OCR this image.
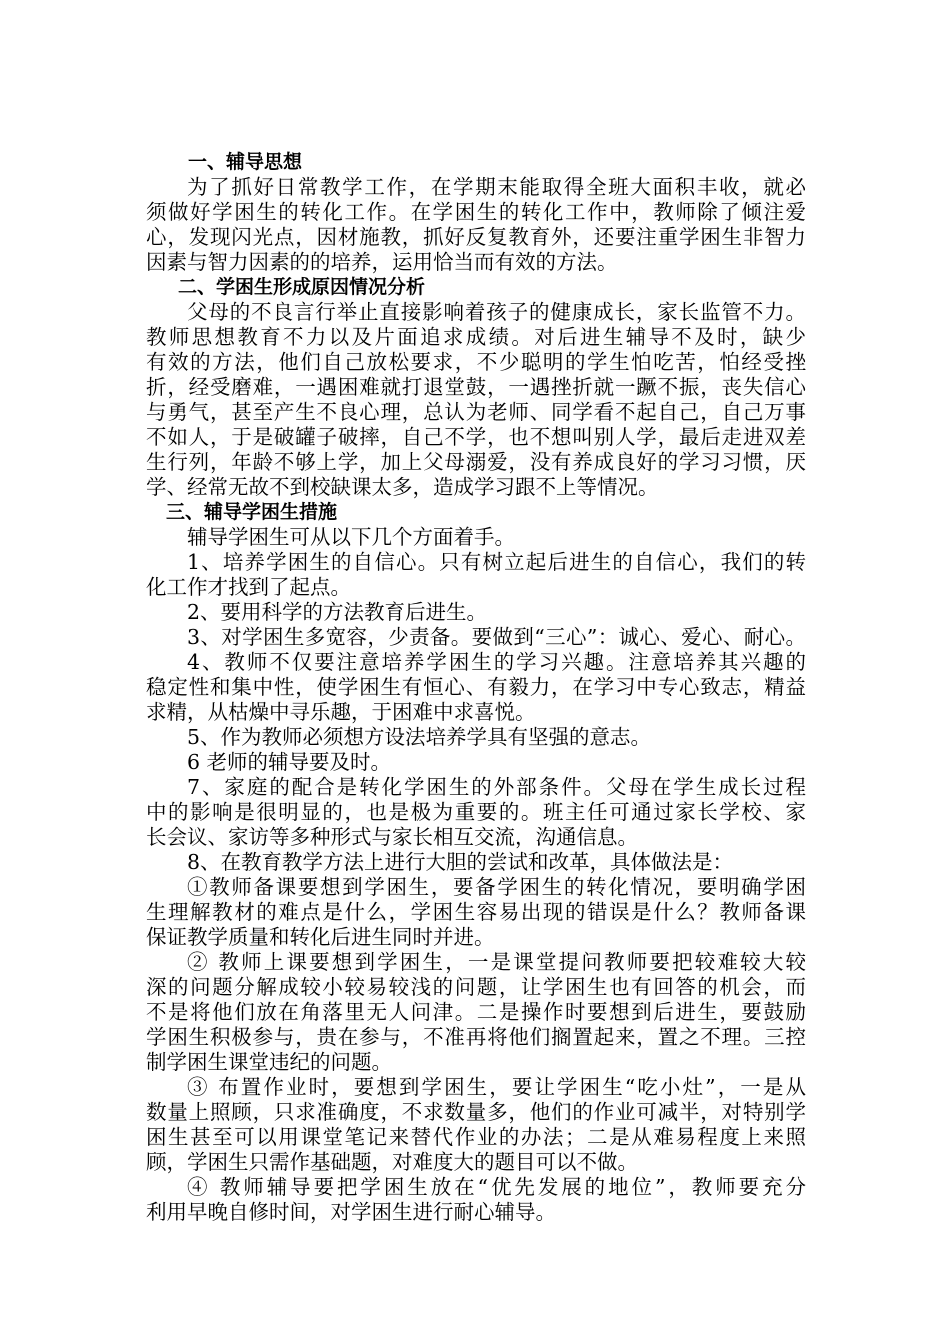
一、辅导思想
为了抓好日常教学工作，在学期末能取得全班大面积丰收，就必
须做好学困生的转化工作。在学困生的转化工作中，教师除了倾注爱
心，发现闪光点，因材施教，抓好反复教育外，还要注重学困生非智力
因素与智力因素的的培养，运用恰当而有效的方法。
二、学困生形成原因情况分析
父母的不良言行举止直接影响着孩子的健康成长，家长监管不力。
教师思想教育不力以及片面追求成绩。对后进生辅导不及时，缺少
有效的方法，他们自己放松要求，不少聪明的学生怕吃苦，怕经受挫
折，经受磨难，一遇困难就打退堂鼓，一遇挫折就一蹶不振，丧失信心
与勇气，甚至产生不良心理，总认为老师、同学看不起自己，自己万事
不如人，于是破罐子破摔，自己不学，也不想叫别人学，最后走进双差
生行列，年龄不够上学，加上父母溺爱，没有养成良好的学习习惯，厌
学、经常无故不到校缺课太多，造成学习跟不上等情况。
三、辅导学困生措施
辅导学困生可从以下几个方面着手。
1、培养学困生的自信心。只有树立起后进生的自信心，我们的转
化工作才找到了起点。
2、要用科学的方法教育后进生。
3、对学困生多宽容，少责备。要做到“三心”：诚心、爱心、耐心。
4、教师不仅要注意培养学困生的学习兴趣。注意培养其兴趣的
稳定性和集中性，使学困生有恒心、有毅力，在学习中专心致志，精益
求精，从枯燥中寻乐趣，于困难中求喜悦。
5、作为教师必须想方设法培养学具有坚强的意志。
6 老师的辅导要及时。
7、家庭的配合是转化学困生的外部条件。父母在学生成长过程
中的影响是很明显的，也是极为重要的。班主任可通过家长学校、家
长会议、家访等多种形式与家长相互交流，沟通信息。
8、在教育教学方法上进行大胆的尝试和改革，具体做法是：
①教师备课要想到学困生，要备学困生的转化情况，要明确学困
生理解教材的难点是什么，学困生容易出现的错误是什么？教师备课
保证教学质量和转化后进生同时并进。
② 教师上课要想到学困生，一是课堂提问教师要把较难较大较
深的问题分解成较小较易较浅的问题，让学困生也有回答的机会，而
不是将他们放在角落里无人问津。二是操作时要想到后进生，要鼓励
学困生积极参与，贵在参与，不准再将他们搁置起来，置之不理。三控
制学困生课堂违纪的问题。
③ 布置作业时，要想到学困生，要让学困生“吃小灶”，一是从
数量上照顾，只求准确度，不求数量多，他们的作业可减半，对特别学
困生甚至可以用课堂笔记来替代作业的办法；二是从难易程度上来照
顾，学困生只需作基础题，对难度大的题目可以不做。
④ 教师辅导要把学困生放在“优先发展的地位”，教师要充分
利用早晚自修时间，对学困生进行耐心辅导。
